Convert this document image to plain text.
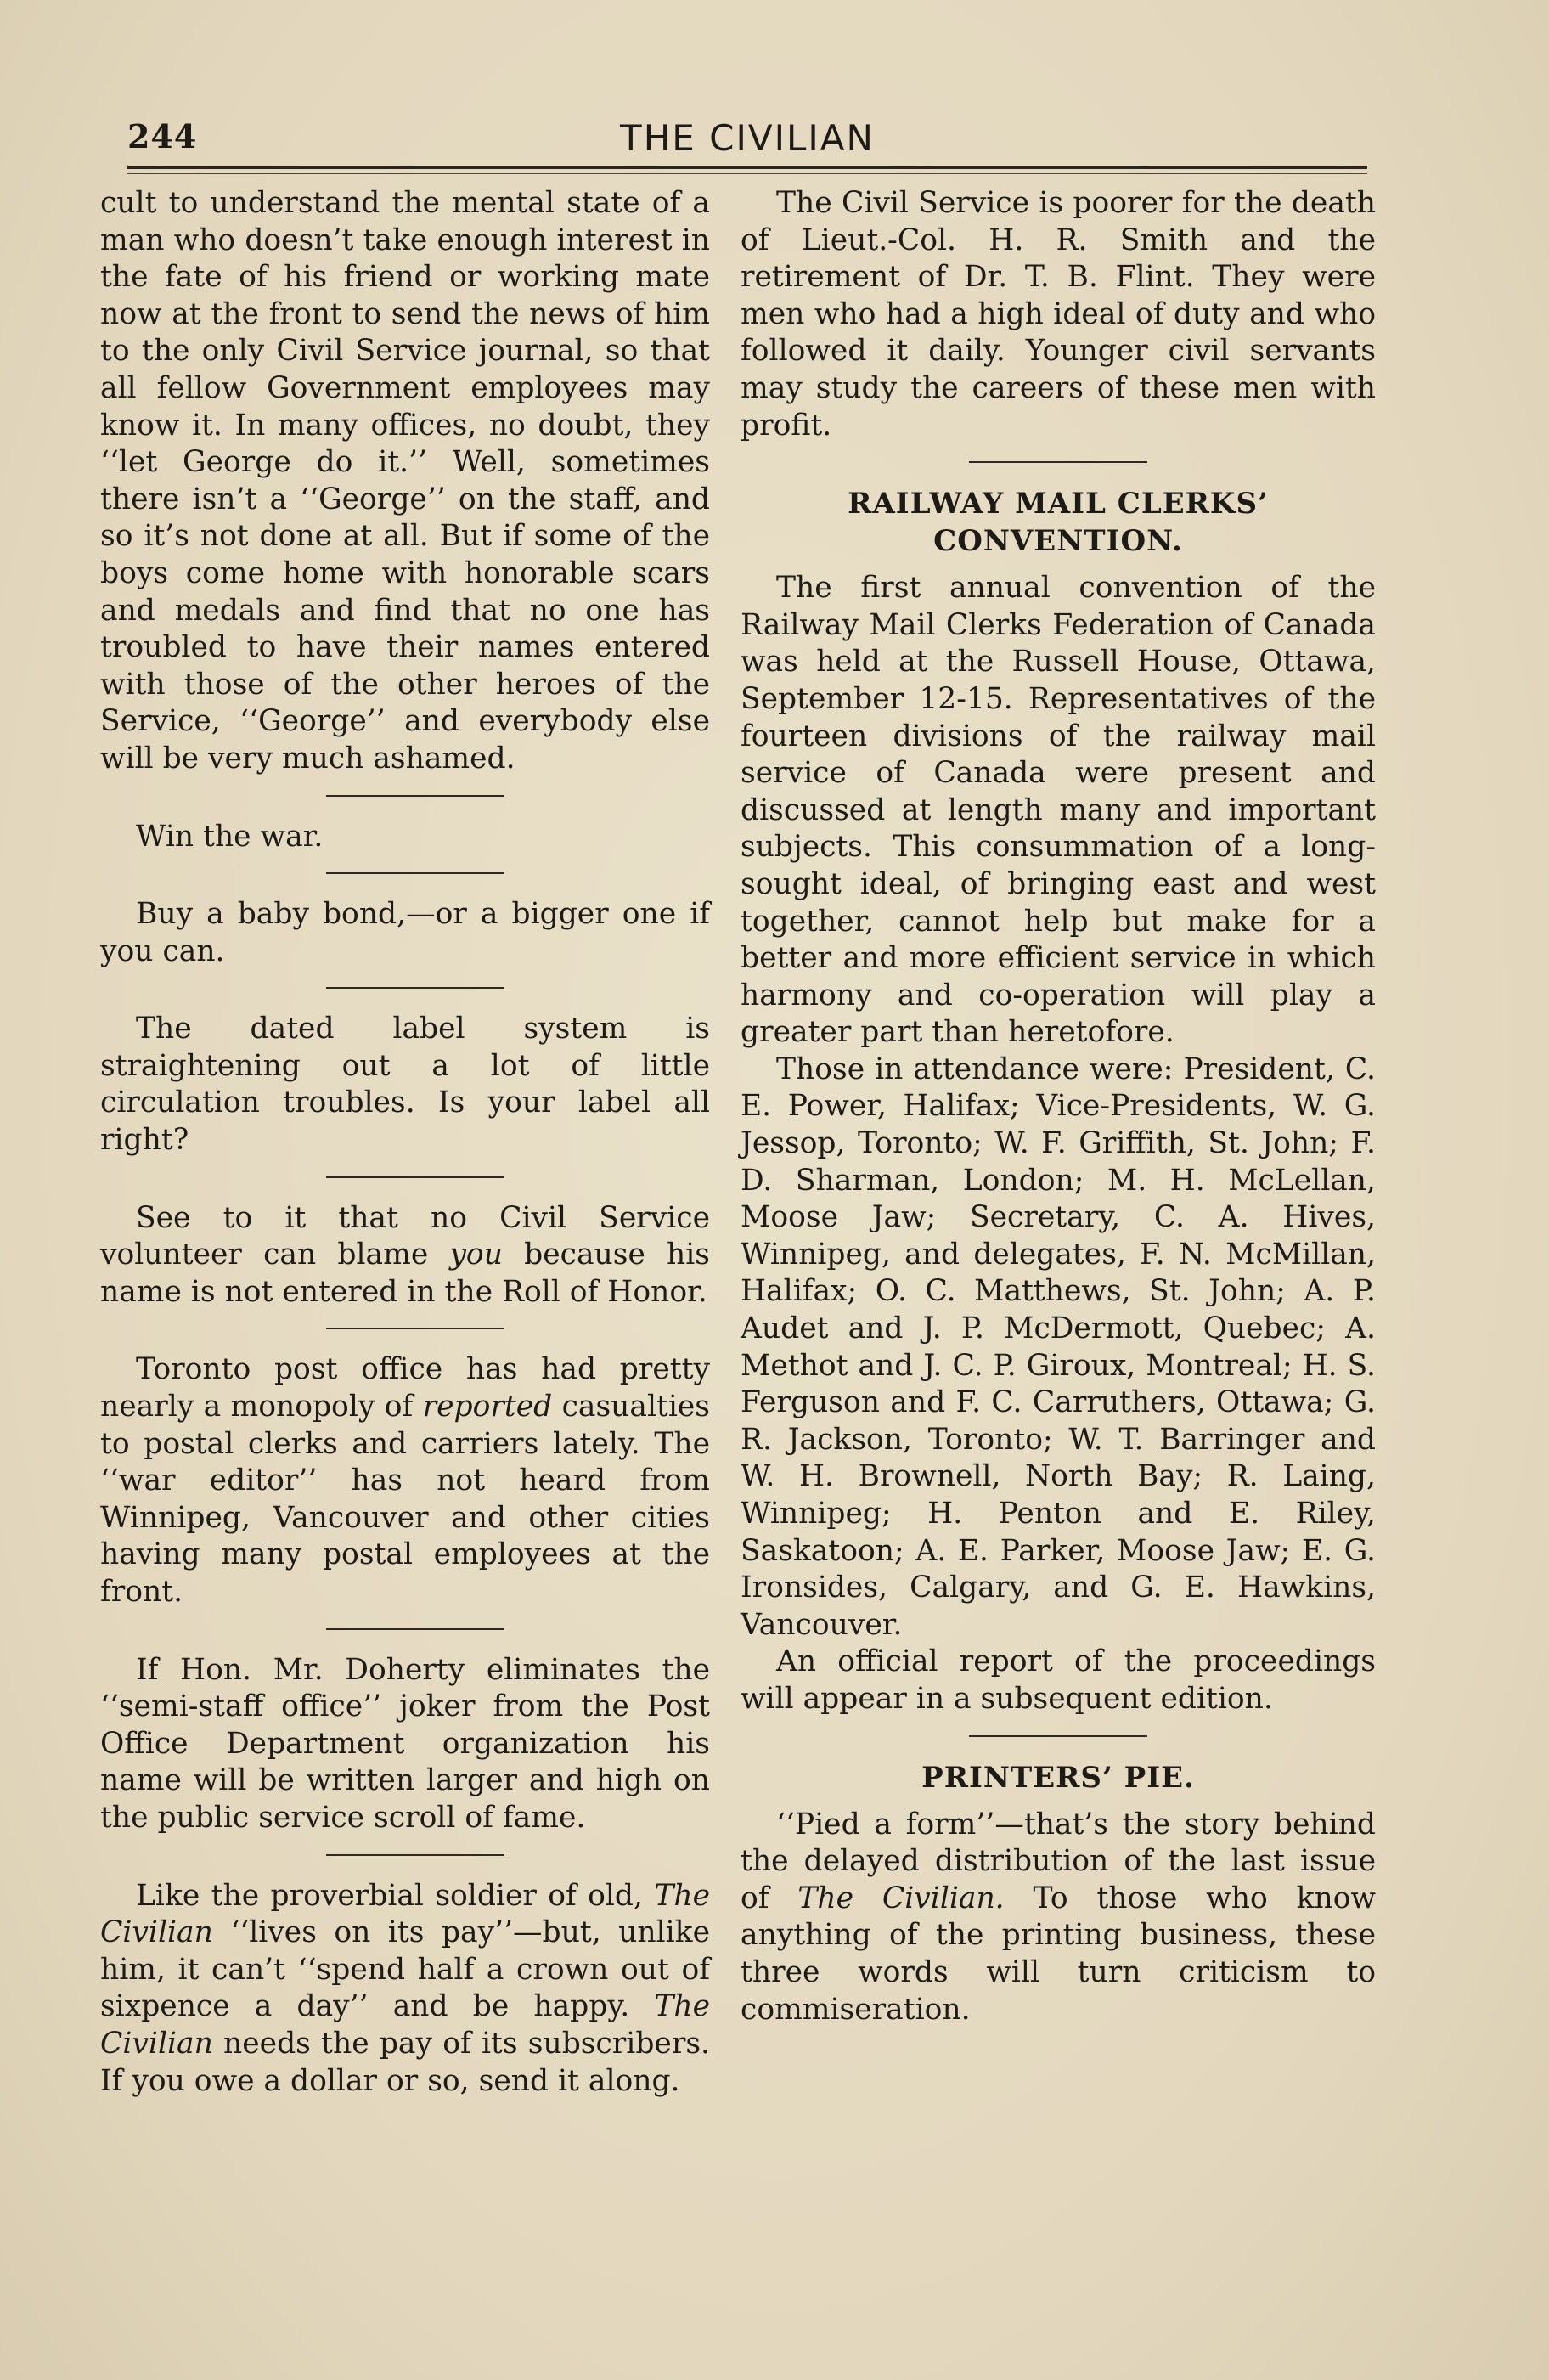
244	THE CIVILIAN

cult to understand the mental state of a man who doesn’t take enough interest in the fate of his friend or working mate now at the front to send the news of him to the only Civil Service journal, so that all fellow Government employees may know it. In many offices, no doubt, they ‘‘let George do it.’’ Well, sometimes there isn’t a ‘‘George’’ on the staff, and so it’s not done at all. But if some of the boys come home with honorable scars and medals and find that no one has troubled to have their names entered with those of the other heroes of the Service, ‘‘George’’ and everybody else will be very much ashamed.

Win the war.

Buy a baby bond,—or a bigger one if you can.

The dated label system is straightening out a lot of little circulation troubles. Is your label all right?

See to it that no Civil Service volunteer can blame you because his name is not entered in the Roll of Honor.

Toronto post office has had pretty nearly a monopoly of reported casualties to postal clerks and carriers lately. The ‘‘war editor’’ has not heard from Winnipeg, Vancouver and other cities having many postal employees at the front.

If Hon. Mr. Doherty eliminates the ‘‘semi-staff office’’ joker from the Post Office Department organization his name will be written larger and high on the public service scroll of fame.

Like the proverbial soldier of old, The Civilian ‘‘lives on its pay’’—but, unlike him, it can’t ‘‘spend half a crown out of sixpence a day’’ and be happy. The Civilian needs the pay of its subscribers. If you owe a dollar or so, send it along.

The Civil Service is poorer for the death of Lieut.-Col. H. R. Smith and the retirement of Dr. T. B. Flint. They were men who had a high ideal of duty and who followed it daily. Younger civil servants may study the careers of these men with profit.

RAILWAY MAIL CLERKS’ CONVENTION.

The first annual convention of the Railway Mail Clerks Federation of Canada was held at the Russell House, Ottawa, September 12-15. Representatives of the fourteen divisions of the railway mail service of Canada were present and discussed at length many and important subjects. This consummation of a long-sought ideal, of bringing east and west together, cannot help but make for a better and more efficient service in which harmony and co-operation will play a greater part than heretofore.

Those in attendance were: President, C. E. Power, Halifax; Vice-Presidents, W. G. Jessop, Toronto; W. F. Griffith, St. John; F. D. Sharman, London; M. H. McLellan, Moose Jaw; Secretary, C. A. Hives, Winnipeg, and delegates, F. N. McMillan, Halifax; O. C. Matthews, St. John; A. P. Audet and J. P. McDermott, Quebec; A. Methot and J. C. P. Giroux, Montreal; H. S. Ferguson and F. C. Carruthers, Ottawa; G. R. Jackson, Toronto; W. T. Barringer and W. H. Brownell, North Bay; R. Laing, Winnipeg; H. Penton and E. Riley, Saskatoon; A. E. Parker, Moose Jaw; E. G. Ironsides, Calgary, and G. E. Hawkins, Vancouver.

An official report of the proceedings will appear in a subsequent edition.

PRINTERS’ PIE.

‘‘Pied a form’’—that’s the story behind the delayed distribution of the last issue of The Civilian. To those who know anything of the printing business, these three words will turn criticism to commiseration.
